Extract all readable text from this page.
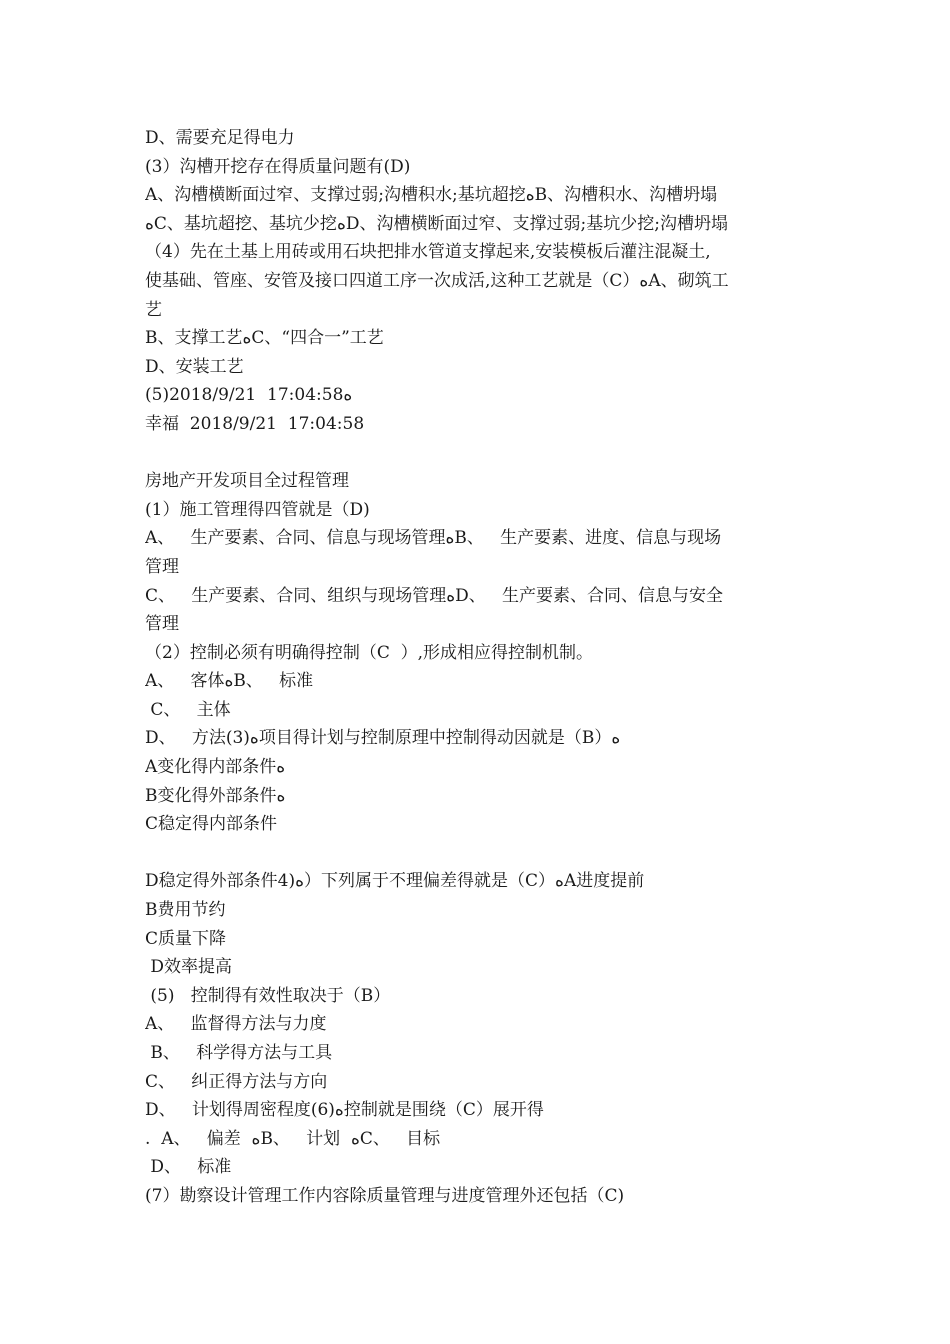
D、需要充足得电力
(3）沟槽开挖存在得质量问题有(D)
A、沟槽横断面过窄、支撑过弱;沟槽积水;基坑超挖ﻩB、沟槽积水、沟槽坍塌
ﻩC、基坑超挖、基坑少挖ﻩD、沟槽横断面过窄、支撑过弱;基坑少挖;沟槽坍塌
（4）先在土基上用砖或用石块把排水管道支撑起来,安装模板后灌注混凝土,
使基础、管座、安管及接口四道工序一次成活,这种工艺就是（C）ﻩA、砌筑工
艺
B、支撑工艺ﻩC、“四合一”工艺
D、安装工艺
(5)2018/9/21  17:04:58ﻩ
幸福  2018/9/21  17:04:58
房地产开发项目全过程管理
(1）施工管理得四管就是（D)
A、   生产要素、合同、信息与现场管理ﻩB、   生产要素、进度、信息与现场
管理
C、   生产要素、合同、组织与现场管理ﻩD、   生产要素、合同、信息与安全
管理
（2）控制必须有明确得控制（C  ）,形成相应得控制机制。
A、   客体ﻩB、   标准
C、   主体
D、   方法(3)ﻩ项目得计划与控制原理中控制得动因就是（B）ﻩ
A变化得内部条件ﻩ
B变化得外部条件ﻩ
C稳定得内部条件
D稳定得外部条件4)ﻩ）下列属于不理偏差得就是（C）ﻩA进度提前
B费用节约
C质量下降
D效率提高
(5)   控制得有效性取决于（B）
A、   监督得方法与力度
B、   科学得方法与工具
C、   纠正得方法与方向
D、   计划得周密程度(6)ﻩ控制就是围绕（C）展开得
.  A、   偏差  ﻩB、   计划  ﻩC、   目标
D、   标准
(7）勘察设计管理工作内容除质量管理与进度管理外还包括（C)
